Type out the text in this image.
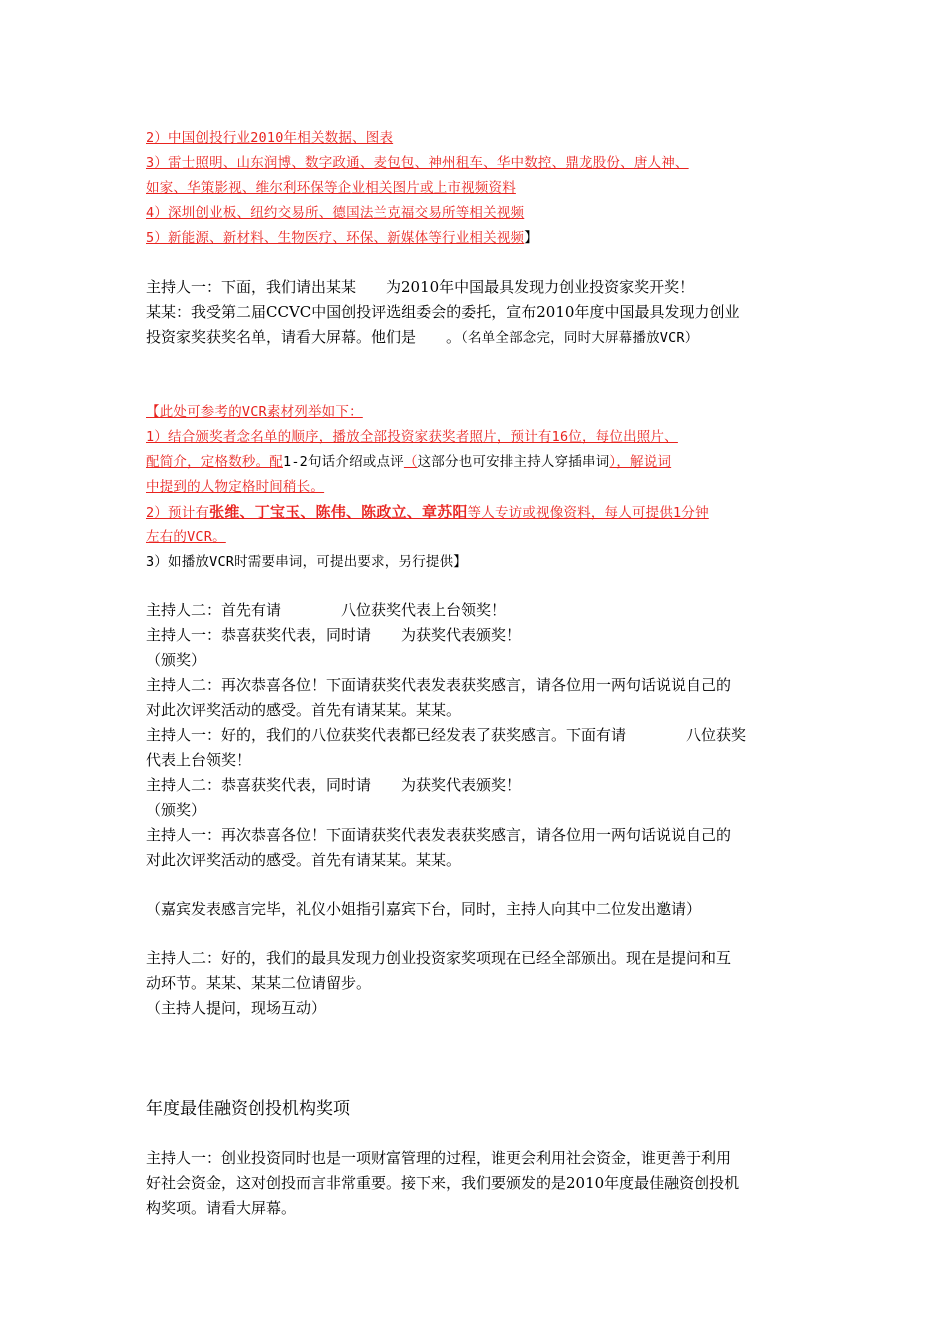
2）中国创投行业2010年相关数据、图表
3）雷士照明、山东润博、数字政通、麦包包、神州租车、华中数控、鼎龙股份、唐人神、
如家、华策影视、维尔利环保等企业相关图片或上市视频资料
4）深圳创业板、纽约交易所、德国法兰克福交易所等相关视频
5）新能源、新材料、生物医疗、环保、新媒体等行业相关视频】
主持人一：下面，我们请出某某　　为2010年中国最具发现力创业投资家奖开奖！
某某：我受第二届CCVC中国创投评选组委会的委托，宣布2010年度中国最具发现力创业
投资家奖获奖名单，请看大屏幕。他们是　　。（名单全部念完，同时大屏幕播放VCR）
【此处可参考的VCR素材列举如下：
1）结合颁奖者念名单的顺序，播放全部投资家获奖者照片，预计有16位，每位出照片、
配简介，定格数秒。配1-2句话介绍或点评（这部分也可安排主持人穿插串词），解说词
中提到的人物定格时间稍长。
2）预计有张维、丁宝玉、陈伟、陈政立、章苏阳等人专访或视像资料，每人可提供1分钟
左右的VCR。
3）如播放VCR时需要串词，可提出要求，另行提供】
主持人二：首先有请　　　　八位获奖代表上台领奖！
主持人一：恭喜获奖代表，同时请　　为获奖代表颁奖！
（颁奖）
主持人二：再次恭喜各位！下面请获奖代表发表获奖感言，请各位用一两句话说说自己的
对此次评奖活动的感受。首先有请某某。某某。
主持人一：好的，我们的八位获奖代表都已经发表了获奖感言。下面有请　　　　八位获奖
代表上台领奖！
主持人二：恭喜获奖代表，同时请　　为获奖代表颁奖！
（颁奖）
主持人一：再次恭喜各位！下面请获奖代表发表获奖感言，请各位用一两句话说说自己的
对此次评奖活动的感受。首先有请某某。某某。
（嘉宾发表感言完毕，礼仪小姐指引嘉宾下台，同时，主持人向其中二位发出邀请）
主持人二：好的，我们的最具发现力创业投资家奖项现在已经全部颁出。现在是提问和互
动环节。某某、某某二位请留步。
（主持人提问，现场互动）
年度最佳融资创投机构奖项
主持人一：创业投资同时也是一项财富管理的过程，谁更会利用社会资金，谁更善于利用
好社会资金，这对创投而言非常重要。接下来，我们要颁发的是2010年度最佳融资创投机
构奖项。请看大屏幕。
